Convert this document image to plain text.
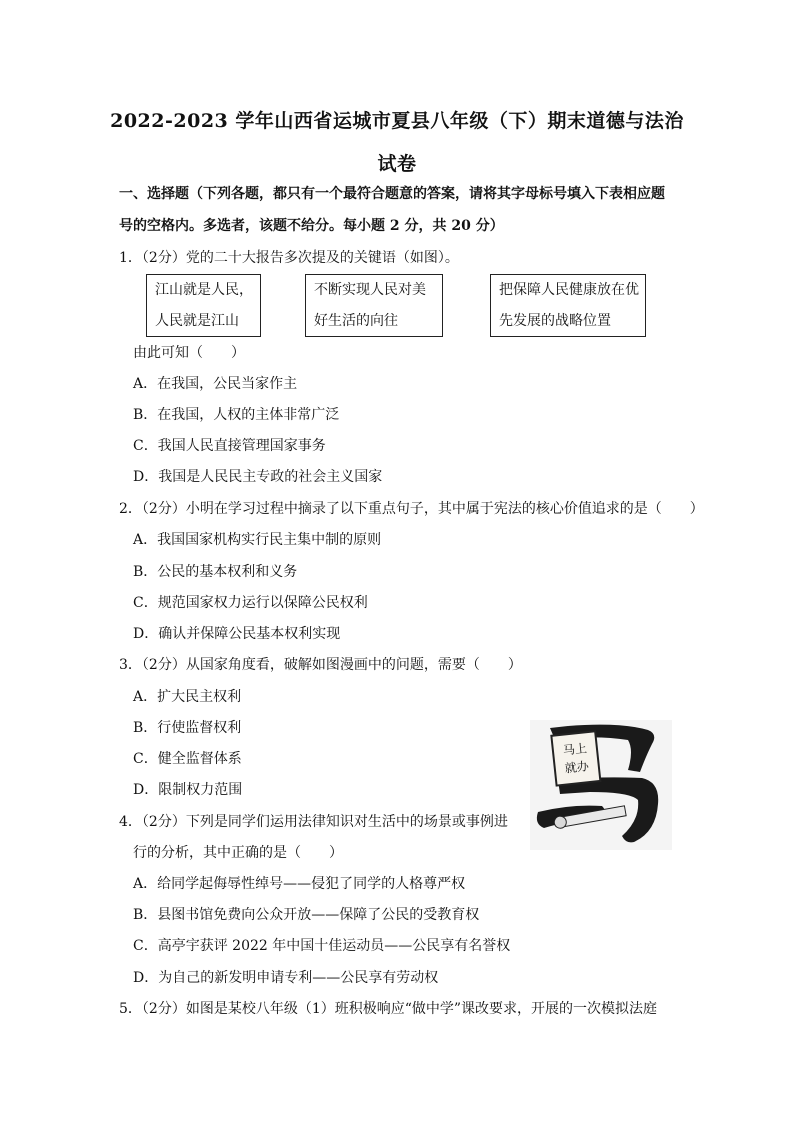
2022-2023 学年山西省运城市夏县八年级（下）期末道德与法治
试卷
一、选择题（下列各题，都只有一个最符合题意的答案，请将其字母标号填入下表相应题
号的空格内。多选者，该题不给分。每小题 2 分，共 20 分）
1．（2分）党的二十大报告多次提及的关键语（如图）。
江山就是人民，
人民就是江山
不断实现人民对美
好生活的向往
把保障人民健康放在优
先发展的战略位置
由此可知（　　）
A．在我国，公民当家作主
B．在我国，人权的主体非常广泛
C．我国人民直接管理国家事务
D．我国是人民民主专政的社会主义国家
2．（2分）小明在学习过程中摘录了以下重点句子，其中属于宪法的核心价值追求的是（　　）
A．我国国家机构实行民主集中制的原则
B．公民的基本权利和义务
C．规范国家权力运行以保障公民权利
D．确认并保障公民基本权利实现
3．（2分）从国家角度看，破解如图漫画中的问题，需要（　　）
A．扩大民主权利
B．行使监督权利
C．健全监督体系
D．限制权力范围
马上
就办
4．（2分）下列是同学们运用法律知识对生活中的场景或事例进
行的分析，其中正确的是（　　）
A．给同学起侮辱性绰号——侵犯了同学的人格尊严权
B．县图书馆免费向公众开放——保障了公民的受教育权
C．高亭宇获评 2022 年中国十佳运动员——公民享有名誉权
D．为自己的新发明申请专利——公民享有劳动权
5．（2分）如图是某校八年级（1）班积极响应“做中学”课改要求，开展的一次模拟法庭
